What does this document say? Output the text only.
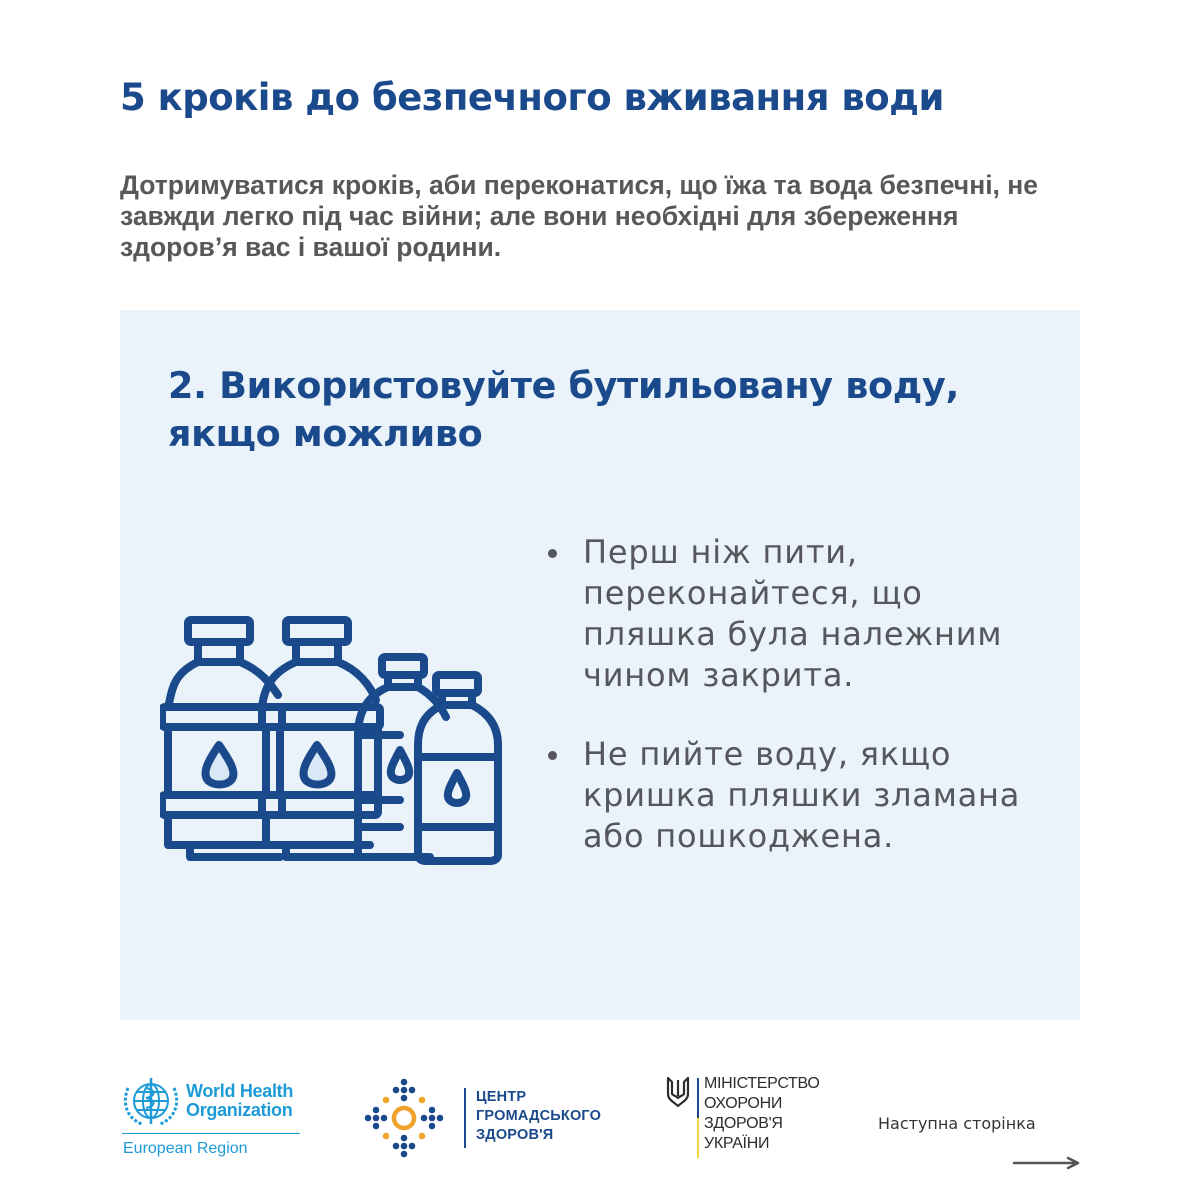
5 кроків до безпечного вживання води

Дотримуватися кроків, аби переконатися, що їжа та вода безпечні, не завжди легко під час війни; але вони необхідні для збереження здоров’я вас і вашої родини.

2. Використовуйте бутильовану воду, якщо можливо
Перш ніж пити, переконайтеся, що пляшка була належним чином закрита.
Не пийте воду, якщо кришка пляшки зламана або пошкоджена.
World Health
Organization
European Region
ЦЕНТР
ГРОМАДСЬКОГО
ЗДОРОВ'Я
МІНІСТЕРСТВО
ОХОРОНИ
ЗДОРОВ'Я
УКРАЇНИ
Наступна сторінка
